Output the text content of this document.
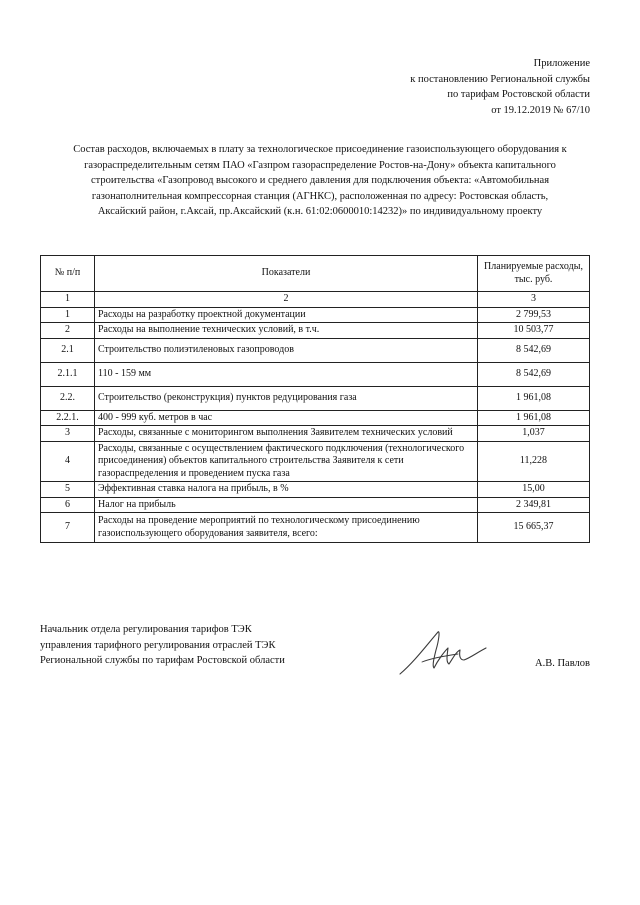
Приложение
к постановлению Региональной службы
по тарифам Ростовской области
от 19.12.2019 № 67/10
Состав расходов, включаемых в плату за технологическое присоединение газоиспользующего оборудования к
газораспределительным сетям ПАО «Газпром газораспределение Ростов-на-Дону» объекта капитального
строительства «Газопровод высокого и среднего давления для подключения объекта: «Автомобильная
газонаполнительная компрессорная станция (АГНКС), расположенная по адресу: Ростовская область,
Аксайский район, г.Аксай, пр.Аксайский (к.н. 61:02:0600010:14232)» по индивидуальному проекту
№ п/п	Показатели	Планируемые расходы, тыс. руб.
1	2	3
1	Расходы на разработку проектной документации	2 799,53
2	Расходы на выполнение технических условий, в т.ч.	10 503,77
2.1	Строительство полиэтиленовых газопроводов	8 542,69
2.1.1	110 - 159 мм	8 542,69
2.2.	Строительство (реконструкция) пунктов редуцирования газа	1 961,08
2.2.1.	400 - 999 куб. метров в час	1 961,08
3	Расходы, связанные с мониторингом выполнения Заявителем технических условий	1,037
4	Расходы, связанные с осуществлением фактического подключения (технологического присоединения) объектов капитального строительства Заявителя к сети газораспределения и проведением пуска газа	11,228
5	Эффективная ставка налога на прибыль, в %	15,00
6	Налог на прибыль	2 349,81
7	Расходы на проведение мероприятий по технологическому присоединению газоиспользующего оборудования заявителя, всего:	15 665,37
Начальник отдела регулирования тарифов ТЭК
управления тарифного регулирования отраслей ТЭК
Региональной службы по тарифам Ростовской области	А.В. Павлов
